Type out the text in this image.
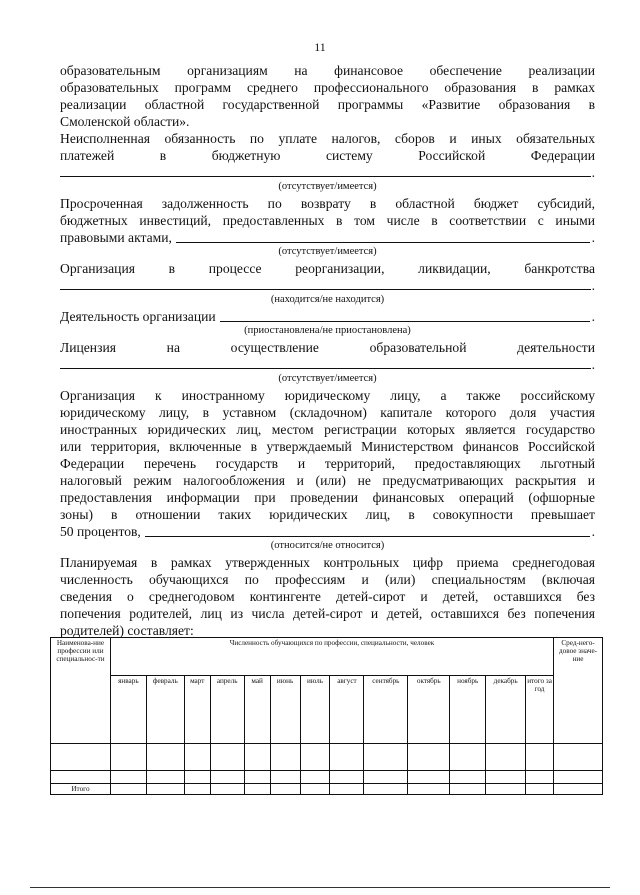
11

образовательным организациям на финансовое обеспечение реализации

образовательных программ среднего профессионального образования в рамках

реализации областной государственной программы «Развитие образования в

Смоленской области».

Неисполненная обязанность по уплате налогов, сборов и иных обязательных

платежей в бюджетную систему Российской Федерации

.

(отсутствует/имеется)

Просроченная задолженность по возврату в областной бюджет субсидий,

бюджетных инвестиций, предоставленных в том числе в соответствии с иными

правовыми актами,	.

(отсутствует/имеется)

Организация в процессе реорганизации, ликвидации, банкротства

.

(находится/не находится)

Деятельность организации	.

(приостановлена/не приостановлена)

Лицензия на осуществление образовательной деятельности

.

(отсутствует/имеется)

Организация к иностранному юридическому лицу, а также российскому

юридическому лицу, в уставном (складочном) капитале которого доля участия

иностранных юридических лиц, местом регистрации которых является государство

или территория, включенные в утверждаемый Министерством финансов Российской

Федерации перечень государств и территорий, предоставляющих льготный

налоговый режим налогообложения и (или) не предусматривающих раскрытия и

предоставления информации при проведении финансовых операций (офшорные

зоны) в отношении таких юридических лиц, в совокупности превышает

50 процентов,	.

(относится/не относится)

Планируемая в рамках утвержденных контрольных цифр приема среднегодовая

численность обучающихся по профессиям и (или) специальностям (включая

сведения о среднегодовом контингенте детей-сирот и детей, оставшихся без

попечения родителей, лиц из числа детей-сирот и детей, оставшихся без попечения

родителей) составляет:

Наименова-ние профессии или специальнос-ти	Численность обучающихся по профессии, специальности, человек													Сред-него-довое значе-ние
	январь	февраль	март	апрель	май	июнь	июль	август	сентябрь	октябрь	ноябрь	декабрь	итого за год	

Итого														
